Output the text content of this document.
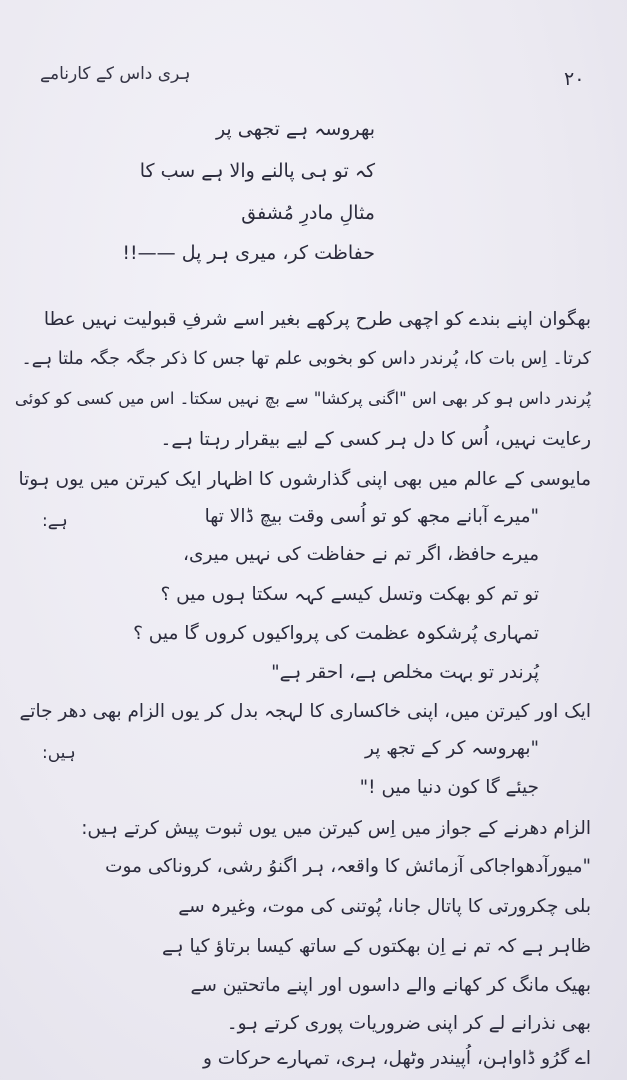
ہری داس کے کارنامے	۲۰
بھروسہ ہے تجھی پر
کہ تو ہی پالنے والا ہے سب کا
مثالِ مادرِ مُشفق
حفاظت کر، میری ہر پل ——!!
بھگوان اپنے بندے کو اچھی طرح پرکھے بغیر اسے شرفِ قبولیت نہیں عطا
کرتا۔ اِس بات کا، پُرندر داس کو بخوبی علم تھا جس کا ذکر جگہ جگہ ملتا ہے۔
پُرندر داس ہو کر بھی اس "اگنی پرکشا" سے بچ نہیں سکتا۔ اس میں کسی کو کوئی
رعایت نہیں، اُس کا دل ہر کسی کے لیے بیقرار رہتا ہے۔
مایوسی کے عالم میں بھی اپنی گذارشوں کا اظہار ایک کیرتن میں یوں ہوتا
ہے:	"میرے آبانے مجھ کو تو اُسی وقت بیچ ڈالا تھا
میرے حافظ، اگر تم نے حفاظت کی نہیں میری،
تو تم کو بھکت وتسل کیسے کہہ سکتا ہوں میں ؟
تمہاری پُرشکوہ عظمت کی پرواکیوں کروں گا میں ؟
پُرندر تو بہت مخلص ہے، احقر ہے"
ایک اور کیرتن میں، اپنی خاکساری کا لہجہ بدل کر یوں الزام بھی دھر جاتے
ہیں:	"بھروسہ کر کے تجھ پر
جیئے گا کون دنیا میں !"
الزام دھرنے کے جواز میں اِس کیرتن میں یوں ثبوت پیش کرتے ہیں:
"میورآدھواجاکی آزمائش کا واقعہ، ہر اگنوُ رشی، کروناکی موت
بلی چکرورتی کا پاتال جانا، پُوتنی کی موت، وغیرہ سے
ظاہر ہے کہ تم نے اِن بھکتوں کے ساتھ کیسا برتاؤ کیا ہے
بھیک مانگ کر کھانے والے داسوں اور اپنے ماتحتین سے
بھی نذرانے لے کر اپنی ضروریات پوری کرتے ہو۔
اے گرُو ڈاواہن، اُپیندر وٹھل، ہری، تمہارے حرکات و
